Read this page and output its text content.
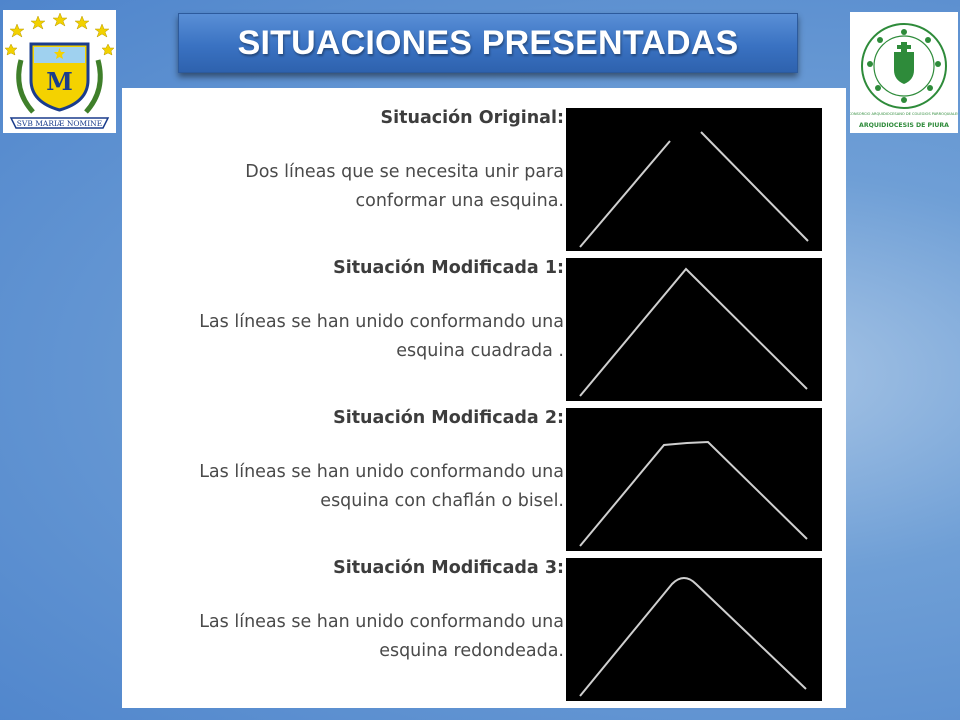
M
SVB MARIÆ NOMINE	ARQUIDIOCESIS DE PIURA
CONSORCIO ARQUIDIOCESANO DE COLEGIOS PARROQUIALES
SITUACIONES PRESENTADAS
Situación Original:
Dos líneas que se necesita unir para
conformar una esquina.
Situación Modificada 1:
Las líneas se han unido conformando una
esquina cuadrada .
Situación Modificada 2:
Las líneas se han unido conformando una
esquina con chaflán o bisel.
Situación Modificada 3:
Las líneas se han unido conformando una
esquina redondeada.
